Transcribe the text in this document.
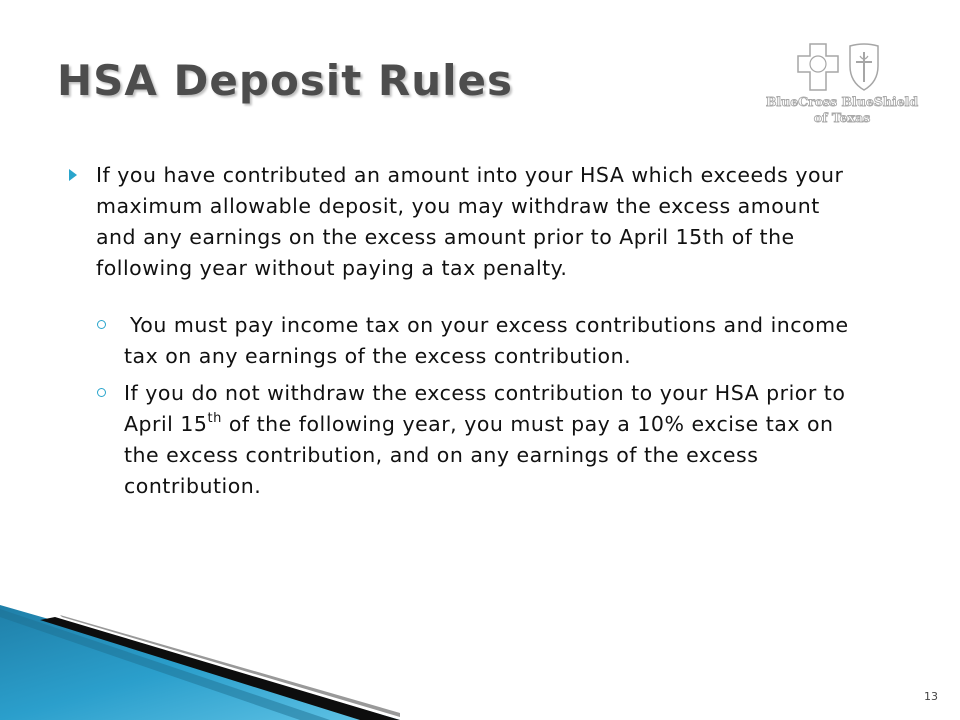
HSA Deposit Rules	BlueCross BlueShield
of Texas
If you have contributed an amount into your HSA which exceeds your maximum allowable deposit, you may withdraw the excess amount and any earnings on the excess amount prior to April 15th of the following year without paying a tax penalty.
You must pay income tax on your excess contributions and income tax on any earnings of the excess contribution.
If you do not withdraw the excess contribution to your HSA prior to April 15th of the following year, you must pay a 10% excise tax on the excess contribution, and on any earnings of the excess contribution.
13
